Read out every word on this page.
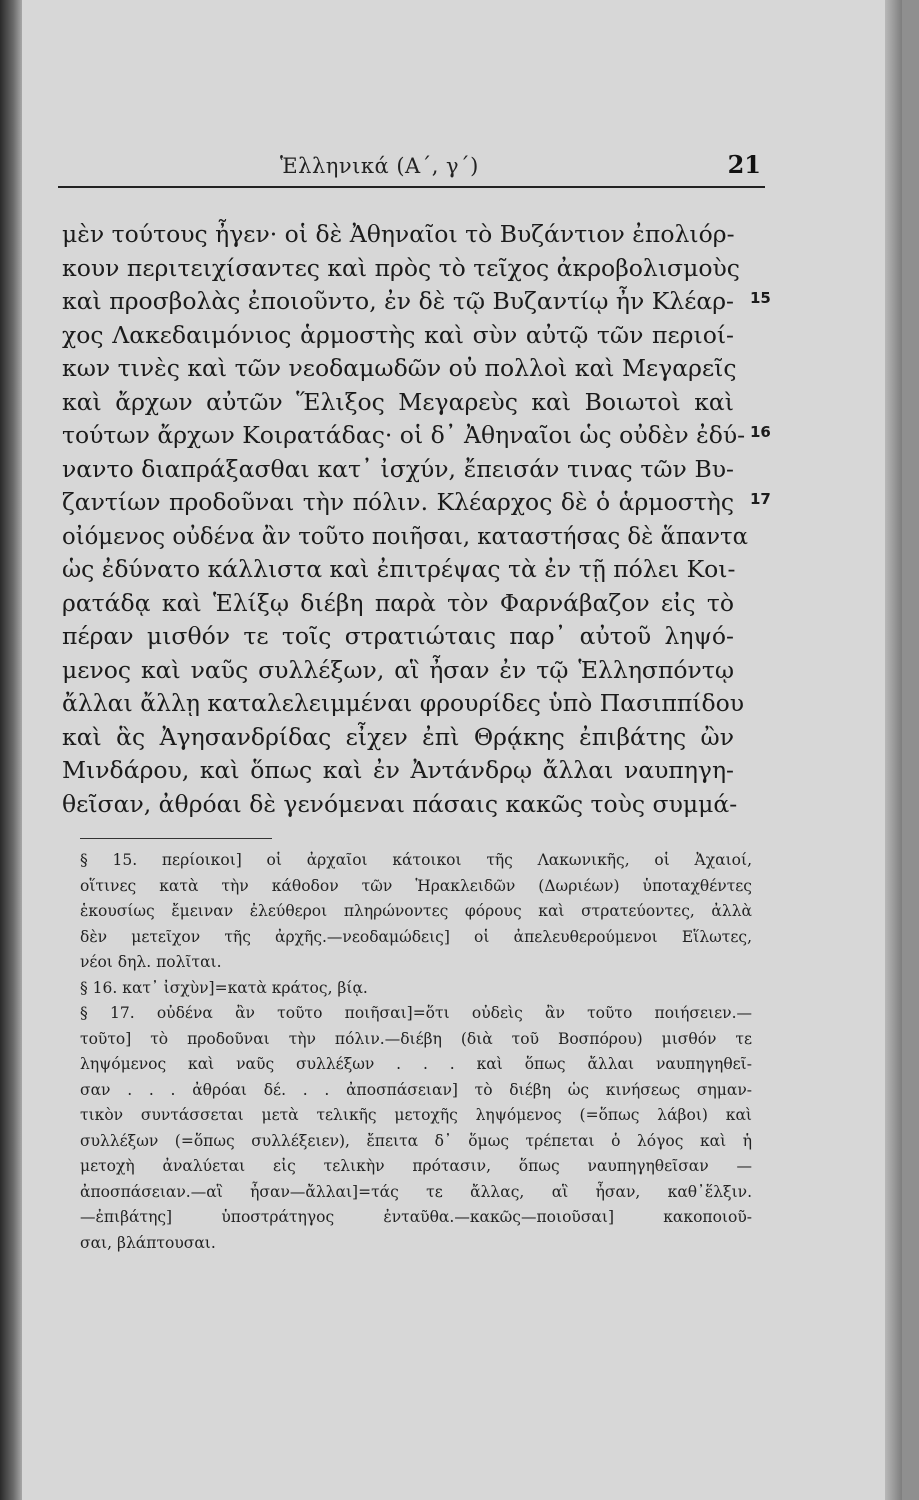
Ἑλληνικά (Α΄, γ΄)	21
μὲν τούτους ἦγεν· οἱ δὲ Ἀθηναῖοι τὸ Βυζάντιον ἐπολιόρ-
κουν περιτειχίσαντες καὶ πρὸς τὸ τεῖχος ἀκροβολισμοὺς
καὶ προσβολὰς ἐποιοῦντο, ἐν δὲ τῷ Βυζαντίῳ ἦν Κλέαρ- 15
χος Λακεδαιμόνιος ἁρμοστὴς καὶ σὺν αὐτῷ τῶν περιοί-
κων τινὲς καὶ τῶν νεοδαμωδῶν οὐ πολλοὶ καὶ Μεγαρεῖς
καὶ ἄρχων αὐτῶν Ἕλιξος Μεγαρεὺς καὶ Βοιωτοὶ καὶ
τούτων ἄρχων Κοιρατάδας· οἱ δ᾽ Ἀθηναῖοι ὡς οὐδὲν ἐδύ- 16
ναντο διαπράξασθαι κατ᾽ ἰσχύν, ἔπεισάν τινας τῶν Βυ-
ζαντίων προδοῦναι τὴν πόλιν. Κλέαρχος δὲ ὁ ἁρμοστὴς 17
οἰόμενος οὐδένα ἂν τοῦτο ποιῆσαι, καταστήσας δὲ ἅπαντα
ὡς ἐδύνατο κάλλιστα καὶ ἐπιτρέψας τὰ ἐν τῇ πόλει Κοι-
ρατάδᾳ καὶ Ἑλίξῳ διέβη παρὰ τὸν Φαρνάβαζον εἰς τὸ
πέραν μισθόν τε τοῖς στρατιώταις παρ᾽ αὐτοῦ ληψό-
μενος καὶ ναῦς συλλέξων, αἳ ἦσαν ἐν τῷ Ἑλλησπόντῳ
ἄλλαι ἄλλῃ καταλελειμμέναι φρουρίδες ὑπὸ Πασιππίδου
καὶ ἃς Ἀγησανδρίδας εἶχεν ἐπὶ Θρᾴκης ἐπιβάτης ὢν
Μινδάρου, καὶ ὅπως καὶ ἐν Ἀντάνδρῳ ἄλλαι ναυπηγη-
θεῖσαν, ἀθρόαι δὲ γενόμεναι πάσαις κακῶς τοὺς συμμά-
§ 15. περίοικοι] οἱ ἀρχαῖοι κάτοικοι τῆς Λακωνικῆς, οἱ Ἀχαιοί,
οἵτινες κατὰ τὴν κάθοδον τῶν Ἡρακλειδῶν (Δωριέων) ὑποταχθέντες
ἑκουσίως ἔμειναν ἐλεύθεροι πληρώνοντες φόρους καὶ στρατεύοντες, ἀλλὰ
δὲν μετεῖχον τῆς ἀρχῆς.—νεοδαμώδεις] οἱ ἀπελευθερούμενοι Εἵλωτες,
νέοι δηλ. πολῖται.
§ 16. κατ᾽ ἰσχὺν]=κατὰ κράτος, βίᾳ.
§ 17. οὐδένα ἂν τοῦτο ποιῆσαι]=ὅτι οὐδεὶς ἂν τοῦτο ποιήσειεν.—
τοῦτο] τὸ προδοῦναι τὴν πόλιν.—διέβη (διὰ τοῦ Βοσπόρου) μισθόν τε
ληψόμενος καὶ ναῦς συλλέξων . . . καὶ ὅπως ἄλλαι ναυπηγηθεῖ-
σαν . . . ἀθρόαι δέ. . . ἀποσπάσειαν] τὸ διέβη ὡς κινήσεως σημαν-
τικὸν συντάσσεται μετὰ τελικῆς μετοχῆς ληψόμενος (=ὅπως λάβοι) καὶ
συλλέξων (=ὅπως συλλέξειεν), ἔπειτα δ᾽ ὅμως τρέπεται ὁ λόγος καὶ ἡ
μετοχὴ ἀναλύεται εἰς τελικὴν πρότασιν, ὅπως ναυπηγηθεῖσαν —
ἀποσπάσειαν.—αἳ ἦσαν—ἄλλαι]=τάς τε ἄλλας, αἳ ἦσαν, καθ᾽ἕλξιν.
—ἐπιβάτης] ὑποστράτηγος ἐνταῦθα.—κακῶς—ποιοῦσαι] κακοποιοῦ-
σαι, βλάπτουσαι.
